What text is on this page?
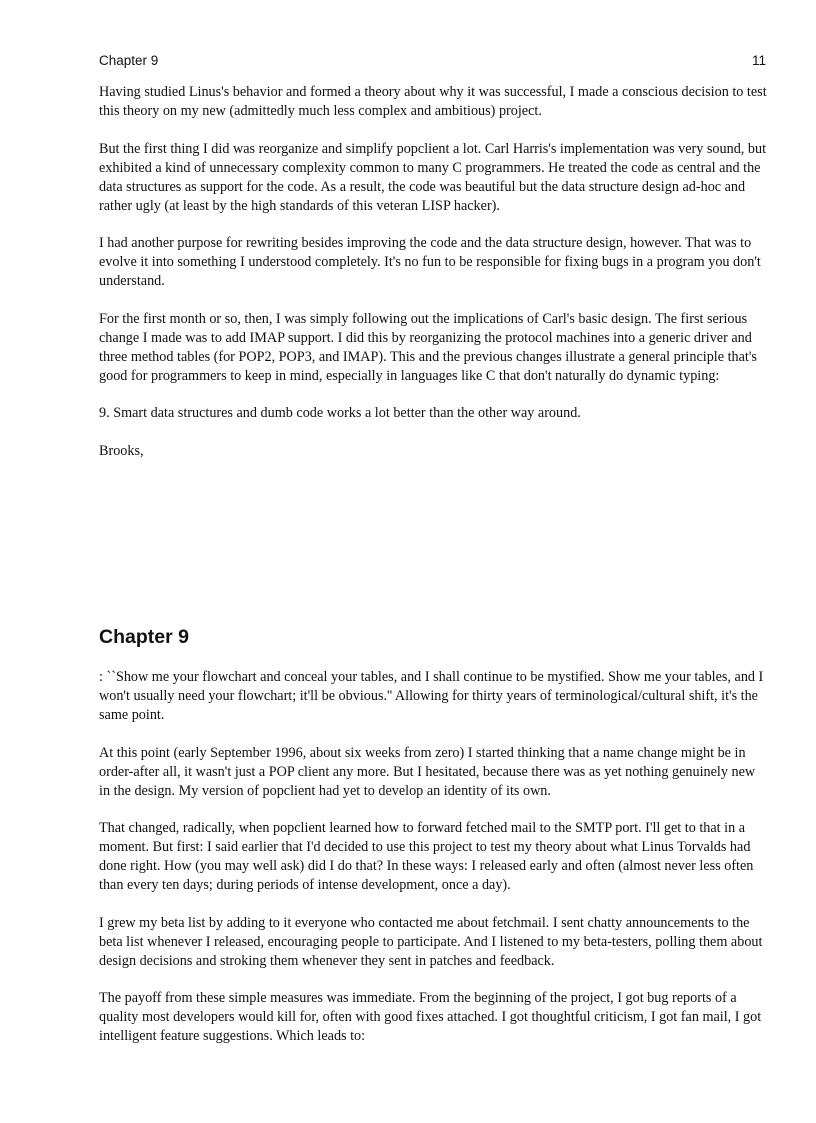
Chapter 9	11

Having studied Linus's behavior and formed a theory about why it was successful, I made a conscious decision to test this theory on my new (admittedly much less complex and ambitious) project.

But the first thing I did was reorganize and simplify popclient a lot. Carl Harris's implementation was very sound, but exhibited a kind of unnecessary complexity common to many C programmers. He treated the code as central and the data structures as support for the code. As a result, the code was beautiful but the data structure design ad-hoc and rather ugly (at least by the high standards of this veteran LISP hacker).

I had another purpose for rewriting besides improving the code and the data structure design, however. That was to evolve it into something I understood completely. It's no fun to be responsible for fixing bugs in a program you don't understand.

For the first month or so, then, I was simply following out the implications of Carl's basic design. The first serious change I made was to add IMAP support. I did this by reorganizing the protocol machines into a generic driver and three method tables (for POP2, POP3, and IMAP). This and the previous changes illustrate a general principle that's good for programmers to keep in mind, especially in languages like C that don't naturally do dynamic typing:

9. Smart data structures and dumb code works a lot better than the other way around.

Brooks,

Chapter 9

: ``Show me your flowchart and conceal your tables, and I shall continue to be mystified. Show me your tables, and I won't usually need your flowchart; it'll be obvious.'' Allowing for thirty years of terminological/cultural shift, it's the same point.

At this point (early September 1996, about six weeks from zero) I started thinking that a name change might be in order-after all, it wasn't just a POP client any more. But I hesitated, because there was as yet nothing genuinely new in the design. My version of popclient had yet to develop an identity of its own.

That changed, radically, when popclient learned how to forward fetched mail to the SMTP port. I'll get to that in a moment. But first: I said earlier that I'd decided to use this project to test my theory about what Linus Torvalds had done right. How (you may well ask) did I do that? In these ways: I released early and often (almost never less often than every ten days; during periods of intense development, once a day).

I grew my beta list by adding to it everyone who contacted me about fetchmail. I sent chatty announcements to the beta list whenever I released, encouraging people to participate. And I listened to my beta-testers, polling them about design decisions and stroking them whenever they sent in patches and feedback.

The payoff from these simple measures was immediate. From the beginning of the project, I got bug reports of a quality most developers would kill for, often with good fixes attached. I got thoughtful criticism, I got fan mail, I got intelligent feature suggestions. Which leads to:
